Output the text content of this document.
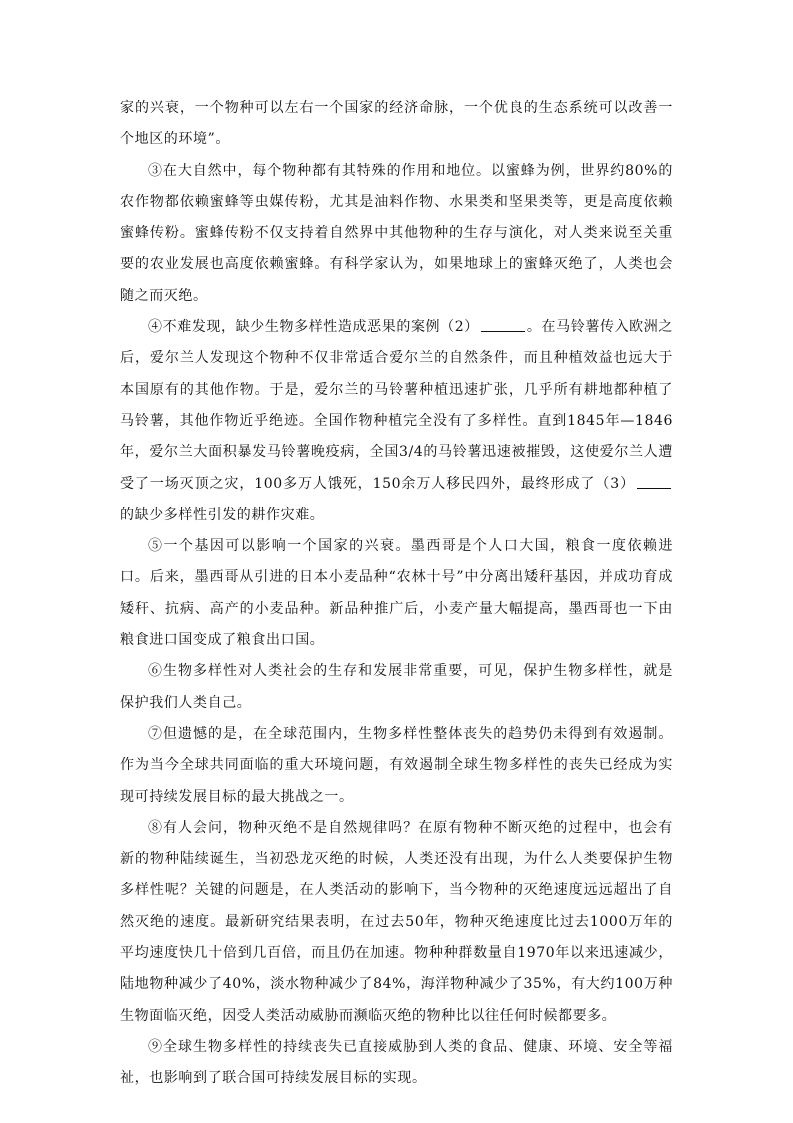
家的兴衰，一个物种可以左右一个国家的经济命脉，一个优良的生态系统可以改善一个地区的环境”。

③在大自然中，每个物种都有其特殊的作用和地位。以蜜蜂为例，世界约80%的农作物都依赖蜜蜂等虫媒传粉，尤其是油料作物、水果类和坚果类等，更是高度依赖蜜蜂传粉。蜜蜂传粉不仅支持着自然界中其他物种的生存与演化，对人类来说至关重要的农业发展也高度依赖蜜蜂。有科学家认为，如果地球上的蜜蜂灭绝了，人类也会随之而灭绝。

④不难发现，缺少生物多样性造成恶果的案例（2）	。在马铃薯传入欧洲之后，爱尔兰人发现这个物种不仅非常适合爱尔兰的自然条件，而且种植效益也远大于本国原有的其他作物。于是，爱尔兰的马铃薯种植迅速扩张，几乎所有耕地都种植了马铃薯，其他作物近乎绝迹。全国作物种植完全没有了多样性。直到1845年—1846年，爱尔兰大面积暴发马铃薯晚疫病，全国3/4的马铃薯迅速被摧毁，这使爱尔兰人遭受了一场灭顶之灾，100多万人饿死，150余万人移民四外，最终形成了（3）的缺少多样性引发的耕作灾难。

⑤一个基因可以影响一个国家的兴衰。墨西哥是个人口大国，粮食一度依赖进口。后来，墨西哥从引进的日本小麦品种“农林十号”中分离出矮秆基因，并成功育成矮秆、抗病、高产的小麦品种。新品种推广后，小麦产量大幅提高，墨西哥也一下由粮食进口国变成了粮食出口国。

⑥生物多样性对人类社会的生存和发展非常重要，可见，保护生物多样性，就是保护我们人类自己。

⑦但遗憾的是，在全球范围内，生物多样性整体丧失的趋势仍未得到有效遏制。作为当今全球共同面临的重大环境问题，有效遏制全球生物多样性的丧失已经成为实现可持续发展目标的最大挑战之一。

⑧有人会问，物种灭绝不是自然规律吗？在原有物种不断灭绝的过程中，也会有新的物种陆续诞生，当初恐龙灭绝的时候，人类还没有出现，为什么人类要保护生物多样性呢？关键的问题是，在人类活动的影响下，当今物种的灭绝速度远远超出了自然灭绝的速度。最新研究结果表明，在过去50年，物种灭绝速度比过去1000万年的平均速度快几十倍到几百倍，而且仍在加速。物种种群数量自1970年以来迅速减少，陆地物种减少了40%，淡水物种减少了84%，海洋物种减少了35%，有大约100万种生物面临灭绝，因受人类活动威胁而濒临灭绝的物种比以往任何时候都要多。

⑨全球生物多样性的持续丧失已直接威胁到人类的食品、健康、环境、安全等福祉，也影响到了联合国可持续发展目标的实现。
